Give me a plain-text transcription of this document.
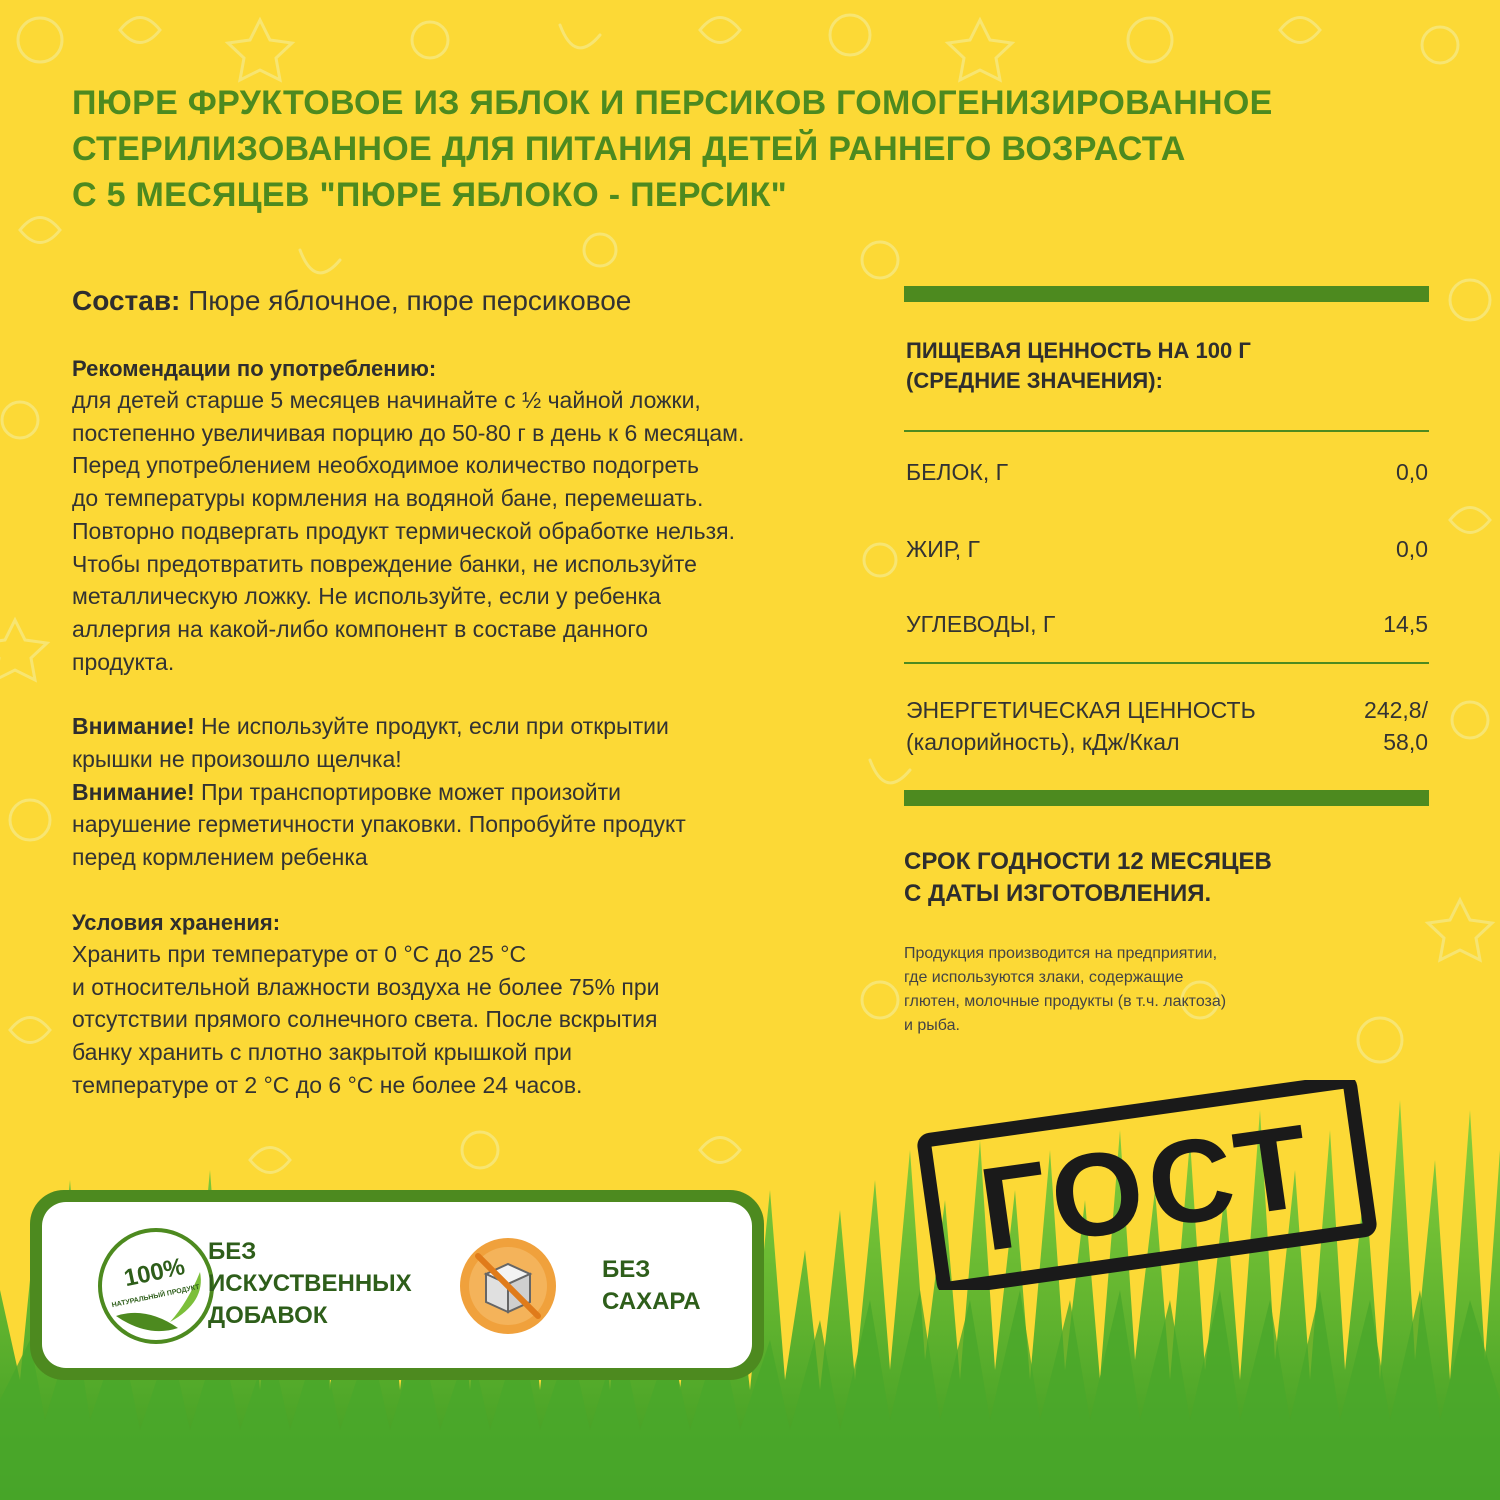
ПЮРЕ ФРУКТОВОЕ ИЗ ЯБЛОК И ПЕРСИКОВ ГОМОГЕНИЗИРОВАННОЕ
СТЕРИЛИЗОВАННОЕ ДЛЯ ПИТАНИЯ ДЕТЕЙ РАННЕГО ВОЗРАСТА
С 5 МЕСЯЦЕВ "ПЮРЕ ЯБЛОКО - ПЕРСИК"

Состав: Пюре яблочное, пюре персиковое

Рекомендации по употреблению:

для детей старше 5 месяцев начинайте с ½ чайной ложки,

постепенно увеличивая порцию до 50-80 г в день к 6 месяцам.

Перед употреблением необходимое количество подогреть

до температуры кормления на водяной бане, перемешать.

Повторно подвергать продукт термической обработке нельзя.

Чтобы предотвратить повреждение банки, не используйте

металлическую ложку. Не используйте, если у ребенка

аллергия на какой-либо компонент в составе данного

продукта.

Внимание! Не используйте продукт, если при открытии

крышки не произошло щелчка!

Внимание! При транспортировке может произойти

нарушение герметичности упаковки. Попробуйте продукт

перед кормлением ребенка

Условия хранения:

Хранить при температуре от 0 °С до 25 °С

и относительной влажности воздуха не более 75% при

отсутствии прямого солнечного света. После вскрытия

банку хранить с плотно закрытой крышкой при

температуре от 2 °С до 6 °С не более 24 часов.

ПИЩЕВАЯ ЦЕННОСТЬ НА 100 Г
(СРЕДНИЕ ЗНАЧЕНИЯ):
БЕЛОК, Г	0,0
ЖИР, Г	0,0
УГЛЕВОДЫ, Г	14,5
ЭНЕРГЕТИЧЕСКАЯ ЦЕННОСТЬ
(калорийность), кДж/Ккал
242,8/
58,0
СРОК ГОДНОСТИ 12 МЕСЯЦЕВ
С ДАТЫ ИЗГОТОВЛЕНИЯ.
Продукция производится на предприятии,
где используются злаки, содержащие
глютен, молочные продукты (в т.ч. лактоза)
и рыба.
ГОСТ
100%
НАТУРАЛЬНЫЙ ПРОДУКТ
БЕЗ
ИСКУСТВЕННЫХ
ДОБАВОК
БЕЗ
САХАРА
